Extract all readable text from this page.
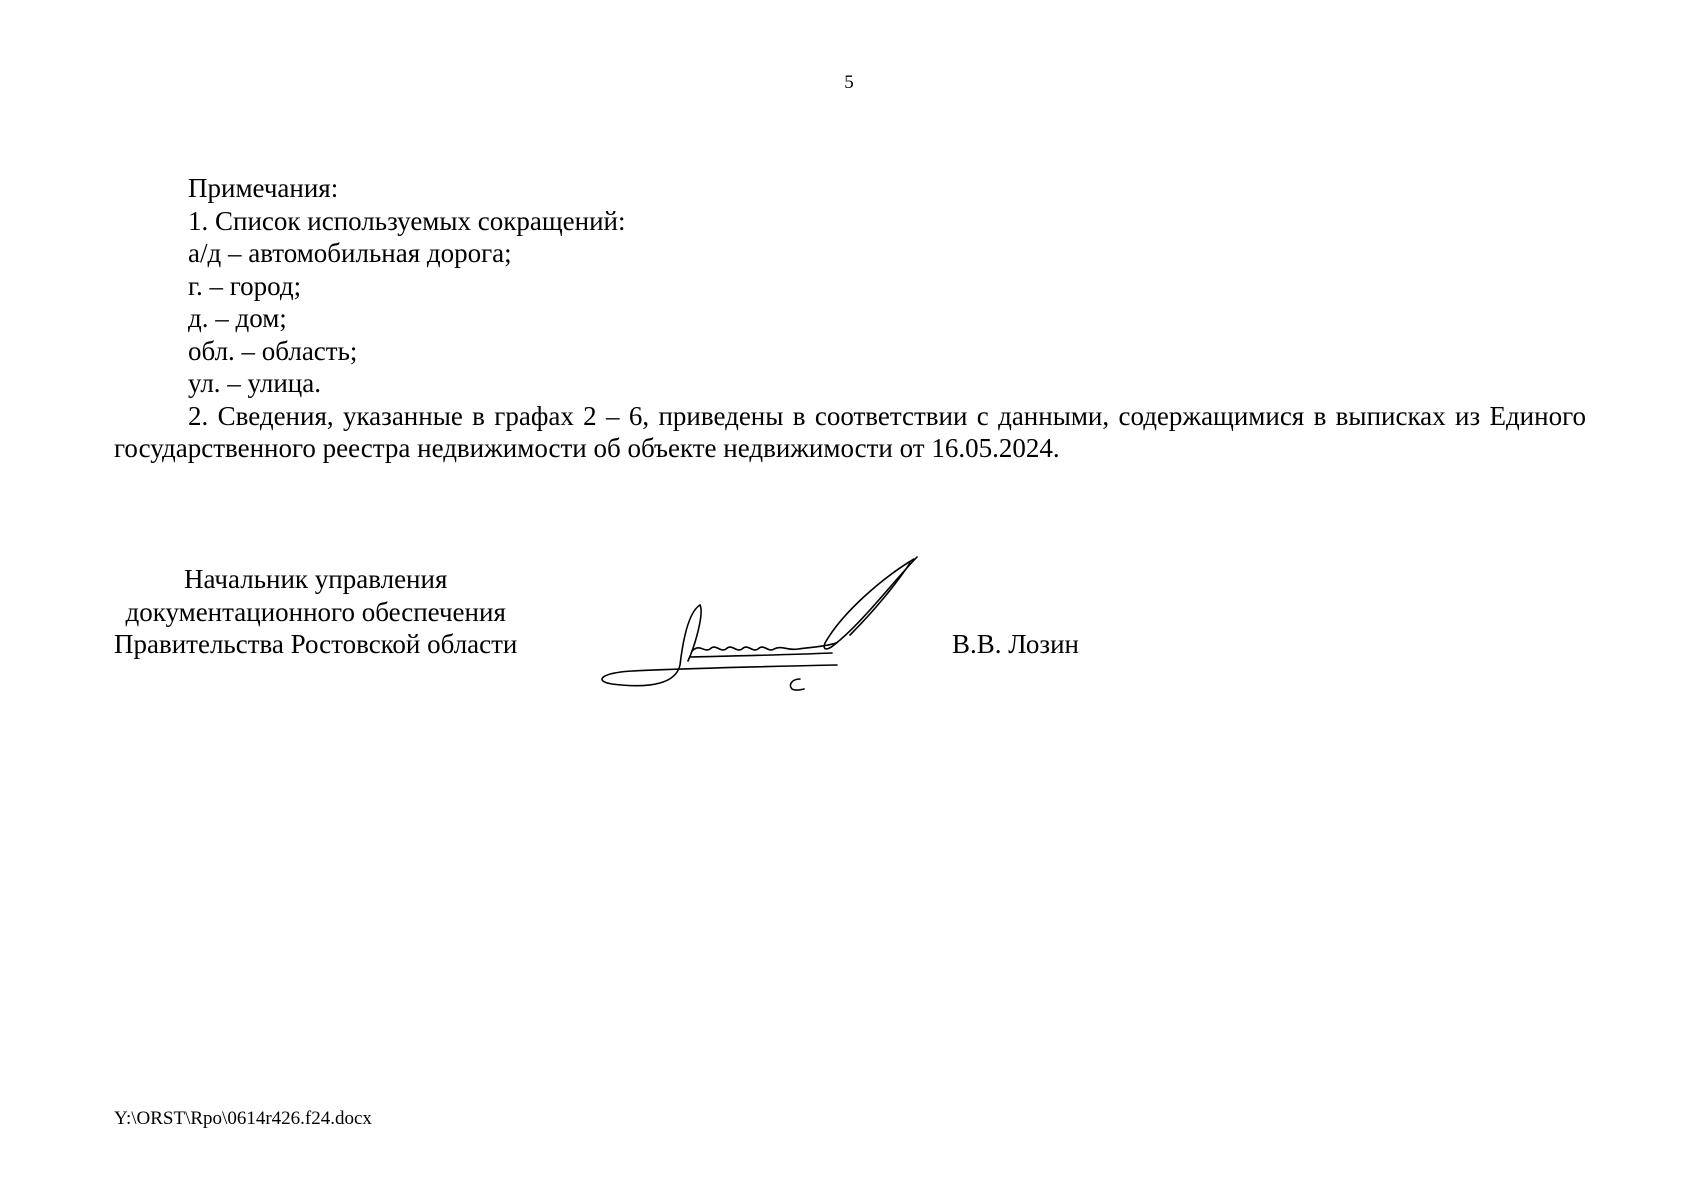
5
Примечания:
1. Список используемых сокращений:
а/д – автомобильная дорога;
г. – город;
д. – дом;
обл. – область;
ул. – улица.
2. Сведения, указанные в графах 2 – 6, приведены в соответствии с данными, содержащимися в выписках из Единого государственного реестра недвижимости об объекте недвижимости от 16.05.2024.
Начальник управления
документационного обеспечения
Правительства Ростовской области	В.В. Лозин
Y:\ORST\Rpo\0614r426.f24.docx
